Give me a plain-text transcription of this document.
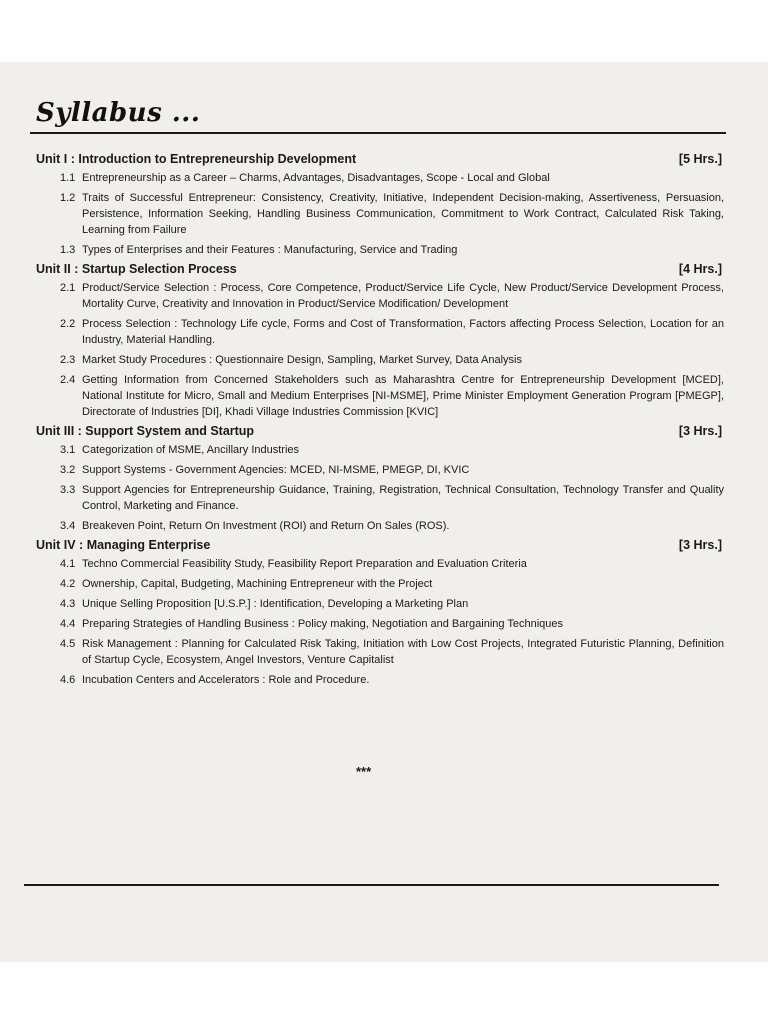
Syllabus ...
Unit I : Introduction to Entrepreneurship Development	[5 Hrs.]
1.1 Entrepreneurship as a Career – Charms, Advantages, Disadvantages, Scope - Local and Global
1.2 Traits of Successful Entrepreneur: Consistency, Creativity, Initiative, Independent Decision-making, Assertiveness, Persuasion, Persistence, Information Seeking, Handling Business Communication, Commitment to Work Contract, Calculated Risk Taking, Learning from Failure
1.3 Types of Enterprises and their Features : Manufacturing, Service and Trading
Unit II : Startup Selection Process	[4 Hrs.]
2.1 Product/Service Selection : Process, Core Competence, Product/Service Life Cycle, New Product/Service Development Process, Mortality Curve, Creativity and Innovation in Product/Service Modification/ Development
2.2 Process Selection : Technology Life cycle, Forms and Cost of Transformation, Factors affecting Process Selection, Location for an Industry, Material Handling.
2.3 Market Study Procedures : Questionnaire Design, Sampling, Market Survey, Data Analysis
2.4 Getting Information from Concerned Stakeholders such as Maharashtra Centre for Entrepreneurship Development [MCED], National Institute for Micro, Small and Medium Enterprises [NI-MSME], Prime Minister Employment Generation Program [PMEGP], Directorate of Industries [DI], Khadi Village Industries Commission [KVIC]
Unit III : Support System and Startup	[3 Hrs.]
3.1 Categorization of MSME, Ancillary Industries
3.2 Support Systems - Government Agencies: MCED, NI-MSME, PMEGP, DI, KVIC
3.3 Support Agencies for Entrepreneurship Guidance, Training, Registration, Technical Consultation, Technology Transfer and Quality Control, Marketing and Finance.
3.4 Breakeven Point, Return On Investment (ROI) and Return On Sales (ROS).
Unit IV : Managing Enterprise	[3 Hrs.]
4.1 Techno Commercial Feasibility Study, Feasibility Report Preparation and Evaluation Criteria
4.2 Ownership, Capital, Budgeting, Machining Entrepreneur with the Project
4.3 Unique Selling Proposition [U.S.P.] : Identification, Developing a Marketing Plan
4.4 Preparing Strategies of Handling Business : Policy making, Negotiation and Bargaining Techniques
4.5 Risk Management : Planning for Calculated Risk Taking, Initiation with Low Cost Projects, Integrated Futuristic Planning, Definition of Startup Cycle, Ecosystem, Angel Investors, Venture Capitalist
4.6 Incubation Centers and Accelerators : Role and Procedure.
***
